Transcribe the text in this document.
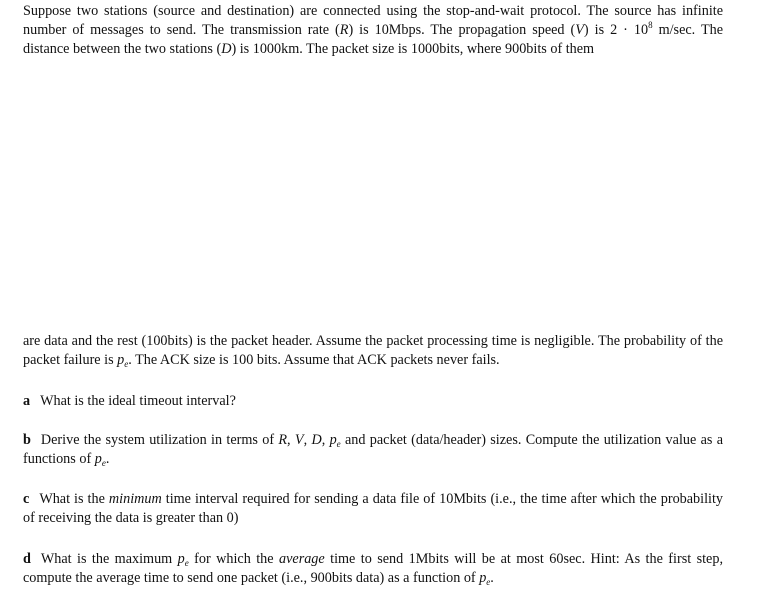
Suppose two stations (source and destination) are connected using the stop-and-wait protocol. The source has infinite number of messages to send. The transmission rate (R) is 10Mbps. The propagation speed (V) is $2 \cdot 10^8$ m/sec. The distance between the two stations (D) is 1000km. The packet size is 1000bits, where 900bits of them
are data and the rest (100bits) is the packet header. Assume the packet processing time is negligible. The probability of the packet failure is $p_e$. The ACK size is 100 bits. Assume that ACK packets never fails.
a What is the ideal timeout interval?
b Derive the system utilization in terms of R, V, D, $p_e$ and packet (data/header) sizes. Compute the utilization value as a functions of $p_e$.
c What is the minimum time interval required for sending a data file of 10Mbits (i.e., the time after which the probability of receiving the data is greater than 0)
d What is the maximum $p_e$ for which the average time to send 1Mbits will be at most 60sec. Hint: As the first step, compute the average time to send one packet (i.e., 900bits data) as a function of $p_e$.
